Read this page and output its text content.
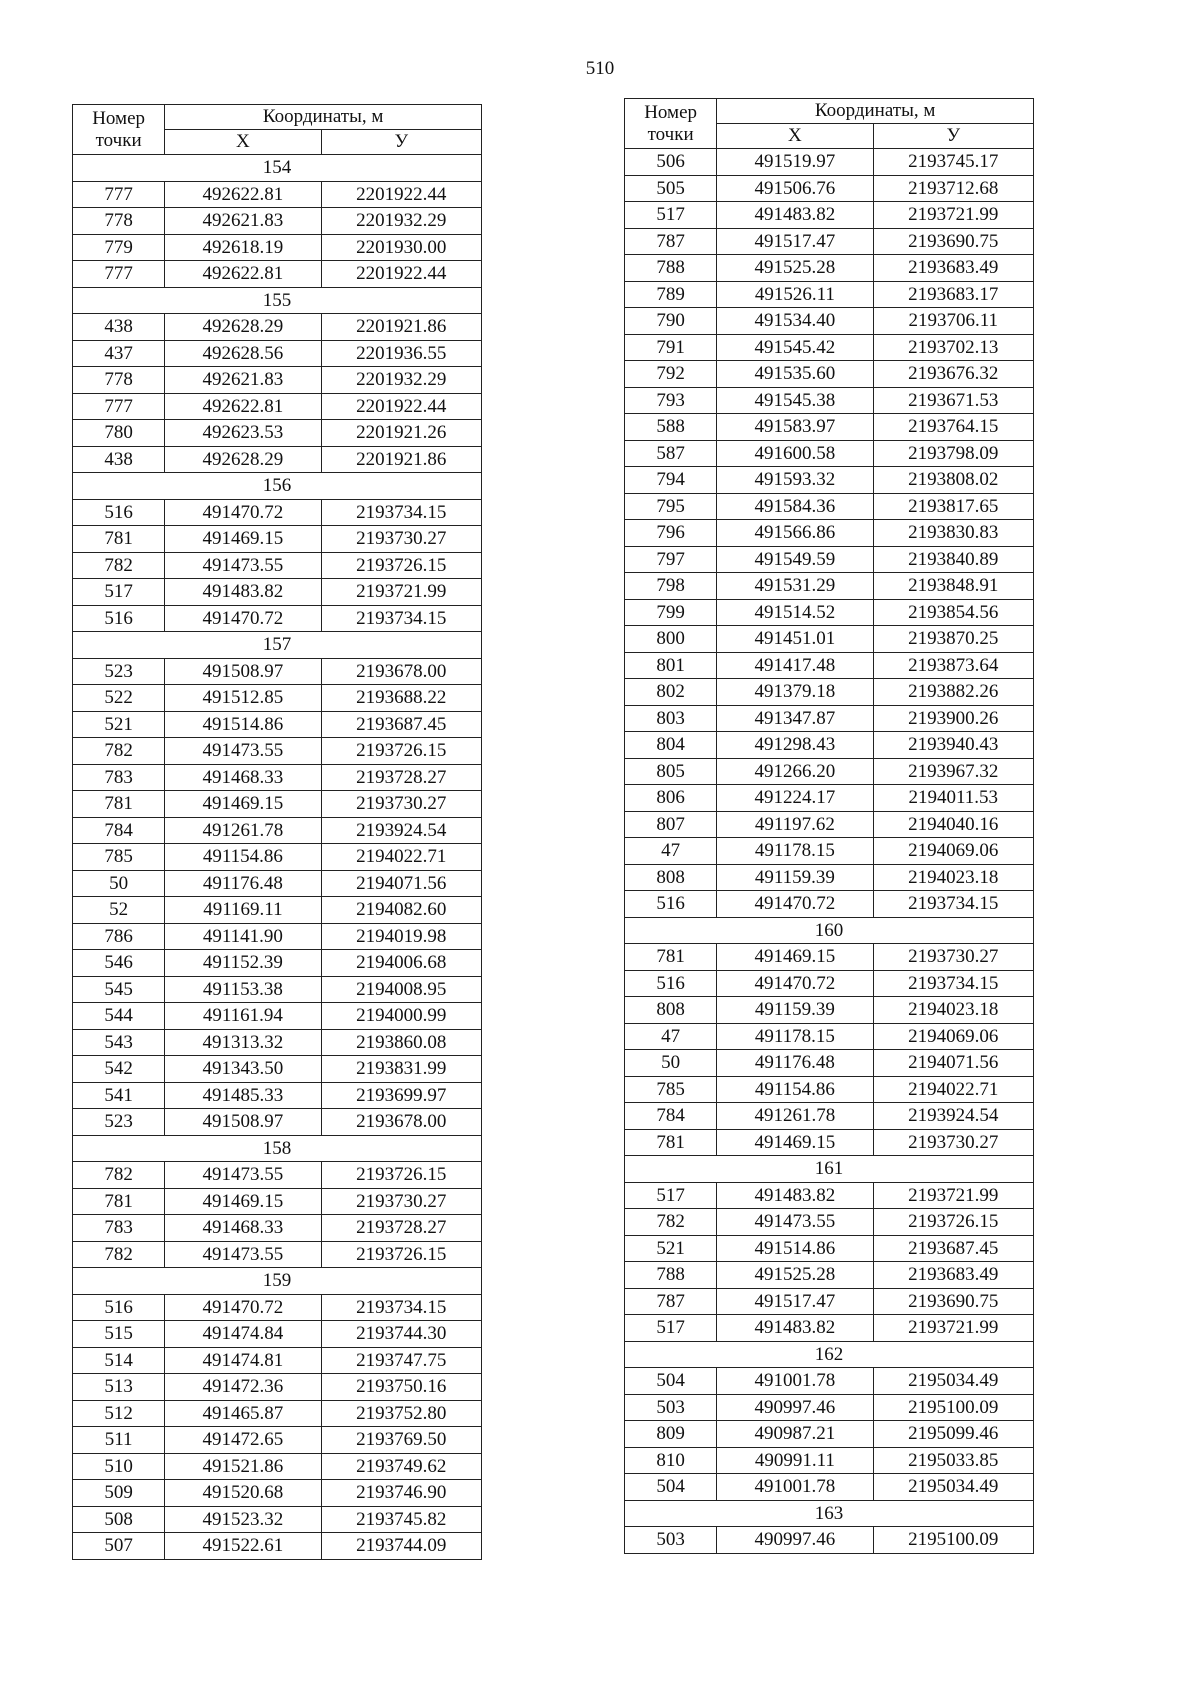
510
Номер
точки	Координаты, м	
	X	У
154		
777	492622.81	2201922.44
778	492621.83	2201932.29
779	492618.19	2201930.00
777	492622.81	2201922.44
155		
438	492628.29	2201921.86
437	492628.56	2201936.55
778	492621.83	2201932.29
777	492622.81	2201922.44
780	492623.53	2201921.26
438	492628.29	2201921.86
156		
516	491470.72	2193734.15
781	491469.15	2193730.27
782	491473.55	2193726.15
517	491483.82	2193721.99
516	491470.72	2193734.15
157		
523	491508.97	2193678.00
522	491512.85	2193688.22
521	491514.86	2193687.45
782	491473.55	2193726.15
783	491468.33	2193728.27
781	491469.15	2193730.27
784	491261.78	2193924.54
785	491154.86	2194022.71
50	491176.48	2194071.56
52	491169.11	2194082.60
786	491141.90	2194019.98
546	491152.39	2194006.68
545	491153.38	2194008.95
544	491161.94	2194000.99
543	491313.32	2193860.08
542	491343.50	2193831.99
541	491485.33	2193699.97
523	491508.97	2193678.00
158		
782	491473.55	2193726.15
781	491469.15	2193730.27
783	491468.33	2193728.27
782	491473.55	2193726.15
159		
516	491470.72	2193734.15
515	491474.84	2193744.30
514	491474.81	2193747.75
513	491472.36	2193750.16
512	491465.87	2193752.80
511	491472.65	2193769.50
510	491521.86	2193749.62
509	491520.68	2193746.90
508	491523.32	2193745.82
507	491522.61	2193744.09
Номер
точки	Координаты, м	
	X	У
506	491519.97	2193745.17
505	491506.76	2193712.68
517	491483.82	2193721.99
787	491517.47	2193690.75
788	491525.28	2193683.49
789	491526.11	2193683.17
790	491534.40	2193706.11
791	491545.42	2193702.13
792	491535.60	2193676.32
793	491545.38	2193671.53
588	491583.97	2193764.15
587	491600.58	2193798.09
794	491593.32	2193808.02
795	491584.36	2193817.65
796	491566.86	2193830.83
797	491549.59	2193840.89
798	491531.29	2193848.91
799	491514.52	2193854.56
800	491451.01	2193870.25
801	491417.48	2193873.64
802	491379.18	2193882.26
803	491347.87	2193900.26
804	491298.43	2193940.43
805	491266.20	2193967.32
806	491224.17	2194011.53
807	491197.62	2194040.16
47	491178.15	2194069.06
808	491159.39	2194023.18
516	491470.72	2193734.15
160		
781	491469.15	2193730.27
516	491470.72	2193734.15
808	491159.39	2194023.18
47	491178.15	2194069.06
50	491176.48	2194071.56
785	491154.86	2194022.71
784	491261.78	2193924.54
781	491469.15	2193730.27
161		
517	491483.82	2193721.99
782	491473.55	2193726.15
521	491514.86	2193687.45
788	491525.28	2193683.49
787	491517.47	2193690.75
517	491483.82	2193721.99
162		
504	491001.78	2195034.49
503	490997.46	2195100.09
809	490987.21	2195099.46
810	490991.11	2195033.85
504	491001.78	2195034.49
163		
503	490997.46	2195100.09
